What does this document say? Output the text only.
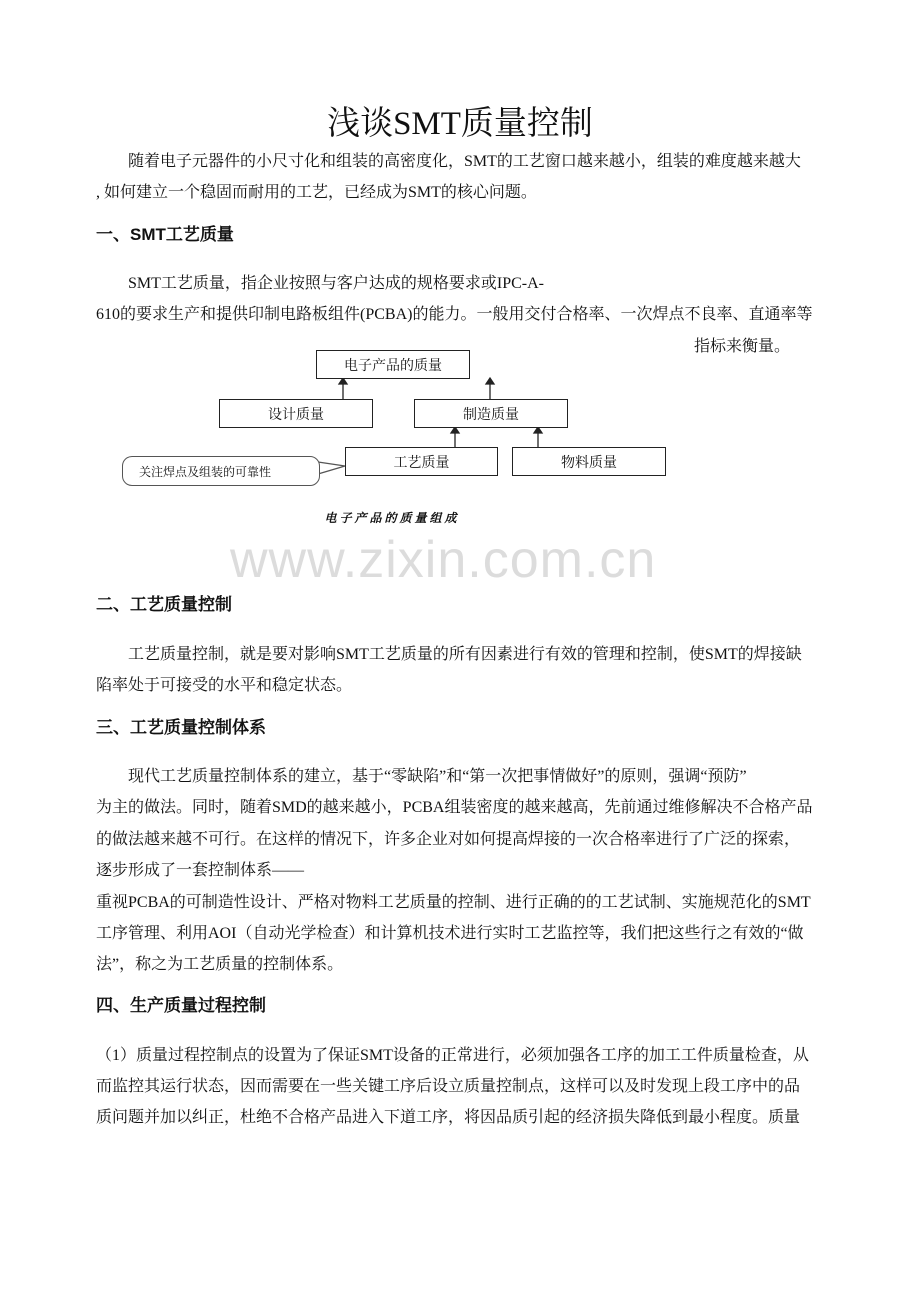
浅谈SMT质量控制
随着电子元器件的小尺寸化和组装的高密度化，SMT的工艺窗口越来越小，组装的难度越来越大
, 如何建立一个稳固而耐用的工艺，已经成为SMT的核心问题。
一、SMT工艺质量
SMT工艺质量，指企业按照与客户达成的规格要求或IPC-A-
610的要求生产和提供印制电路板组件(PCBA)的能力。一般用交付合格率、一次焊点不良率、直通率等
指标来衡量。
电子产品的质量
设计质量	制造质量
工艺质量	物料质量
关注焊点及组装的可靠性
电子产品的质量组成
www.zixin.com.cn
二、工艺质量控制
工艺质量控制，就是要对影响SMT工艺质量的所有因素进行有效的管理和控制，使SMT的焊接缺
陷率处于可接受的水平和稳定状态。
三、工艺质量控制体系
现代工艺质量控制体系的建立，基于“零缺陷”和“第一次把事情做好”的原则，强调“预防”
为主的做法。同时，随着SMD的越来越小，PCBA组装密度的越来越高，先前通过维修解决不合格产品
的做法越来越不可行。在这样的情况下，许多企业对如何提高焊接的一次合格率进行了广泛的探索，
逐步形成了一套控制体系——
重视PCBA的可制造性设计、严格对物料工艺质量的控制、进行正确的的工艺试制、实施规范化的SMT
工序管理、利用AOI（自动光学检查）和计算机技术进行实时工艺监控等，我们把这些行之有效的“做
法”，称之为工艺质量的控制体系。
四、生产质量过程控制
（1）质量过程控制点的设置为了保证SMT设备的正常进行，必须加强各工序的加工工件质量检查，从
而监控其运行状态，因而需要在一些关键工序后设立质量控制点，这样可以及时发现上段工序中的品
质问题并加以纠正，杜绝不合格产品进入下道工序，将因品质引起的经济损失降低到最小程度。质量
